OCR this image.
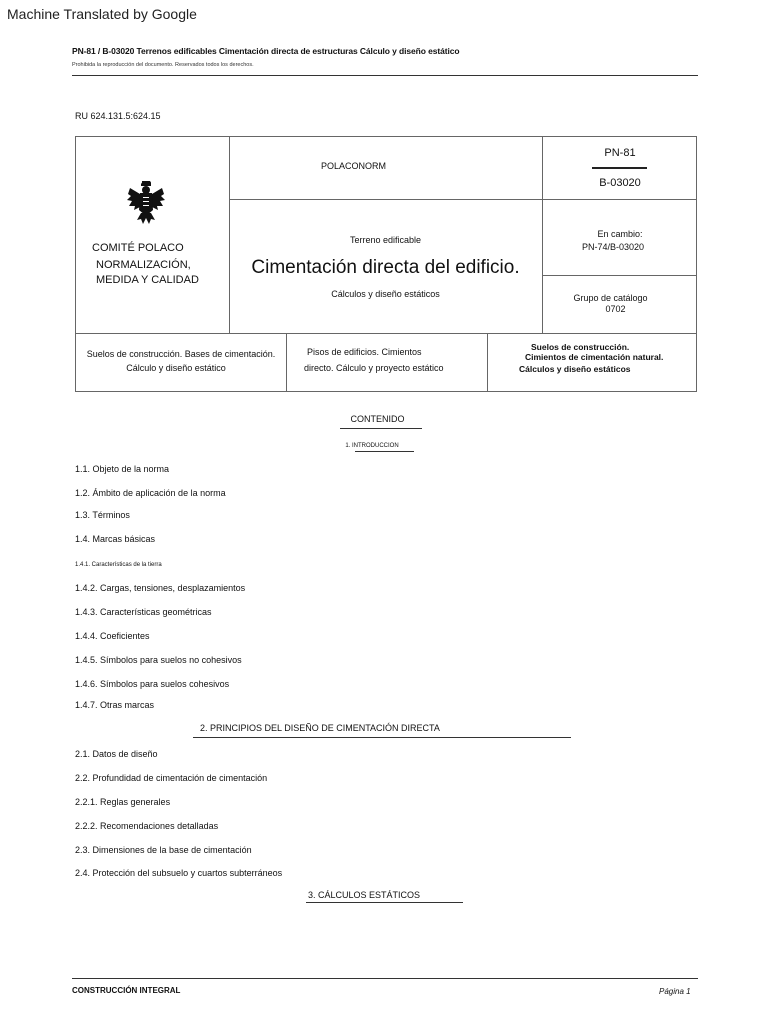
Machine Translated by Google
PN-81 / B-03020 Terrenos edificables Cimentación directa de estructuras Cálculo y diseño estático
Prohibida la reproducción del documento. Reservados todos los derechos.
RU 624.131.5:624.15
COMITÉ POLACO
NORMALIZACIÓN,
MEDIDA Y CALIDAD
POLACONORM
PN-81
B-03020
Terreno edificable
Cimentación directa del edificio.
Cálculos y diseño estáticos
En cambio:
PN-74/B-03020
Grupo de catálogo
0702
Suelos de construcción. Bases de cimentación.
Cálculo y diseño estático
Pisos de edificios. Cimientos
directo. Cálculo y proyecto estático
Suelos de construcción.
Cimientos de cimentación natural.
Cálculos y diseño estáticos
CONTENIDO
1. INTRODUCCION
1.1. Objeto de la norma
1.2. Ámbito de aplicación de la norma
1.3. Términos
1.4. Marcas básicas
1.4.1. Características de la tierra
1.4.2. Cargas, tensiones, desplazamientos
1.4.3. Características geométricas
1.4.4. Coeficientes
1.4.5. Símbolos para suelos no cohesivos
1.4.6. Símbolos para suelos cohesivos
1.4.7. Otras marcas
2. PRINCIPIOS DEL DISEÑO DE CIMENTACIÓN DIRECTA
2.1. Datos de diseño
2.2. Profundidad de cimentación de cimentación
2.2.1. Reglas generales
2.2.2. Recomendaciones detalladas
2.3. Dimensiones de la base de cimentación
2.4. Protección del subsuelo y cuartos subterráneos
3. CÁLCULOS ESTÁTICOS
CONSTRUCCIÓN INTEGRAL	Página 1
